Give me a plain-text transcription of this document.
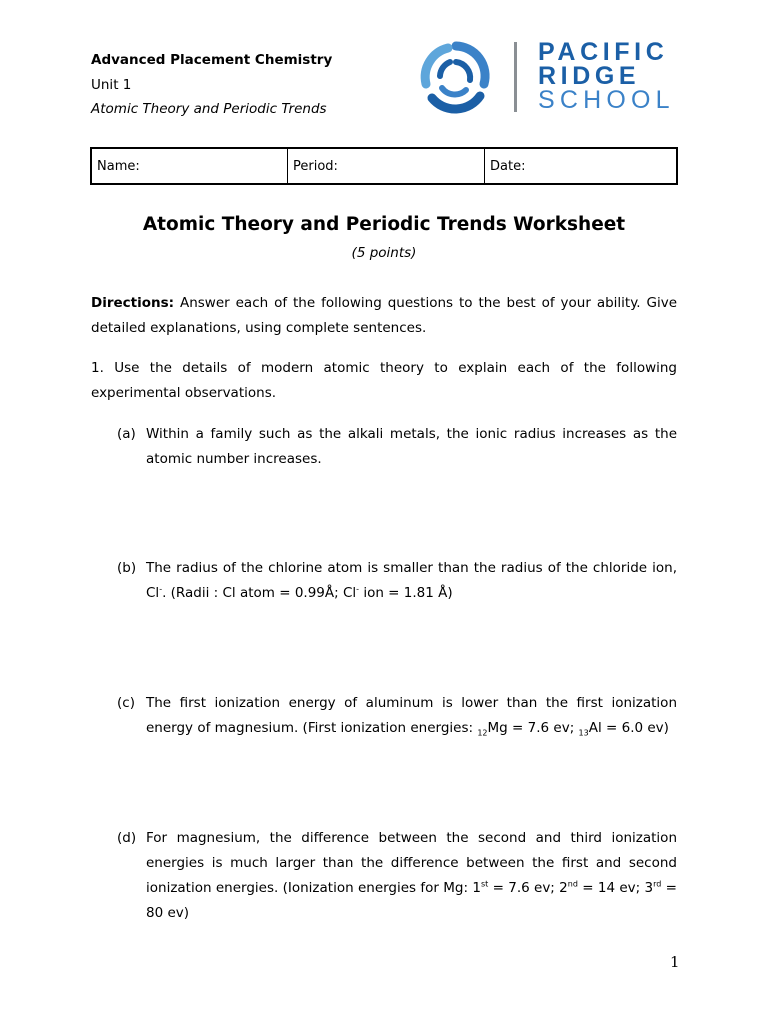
Advanced Placement Chemistry
Unit 1
Atomic Theory and Periodic Trends
PACIFIC
RIDGE
SCHOOL
Name:	Period:	Date:
Atomic Theory and Periodic Trends Worksheet
(5 points)
Directions: Answer each of the following questions to the best of your ability. Give detailed explanations, using complete sentences.
1. Use the details of modern atomic theory to explain each of the following experimental observations.
(a) Within a family such as the alkali metals, the ionic radius increases as the atomic number increases.
(b) The radius of the chlorine atom is smaller than the radius of the chloride ion, Cl-. (Radii : Cl atom = 0.99Å; Cl- ion = 1.81 Å)
(c) The first ionization energy of aluminum is lower than the first ionization energy of magnesium. (First ionization energies: $_{12}$Mg = 7.6 ev; $_{13}$Al = 6.0 ev)
(d) For magnesium, the difference between the second and third ionization energies is much larger than the difference between the first and second ionization energies. (Ionization energies for Mg: 1st = 7.6 ev; 2nd = 14 ev; 3rd = 80 ev)
1
